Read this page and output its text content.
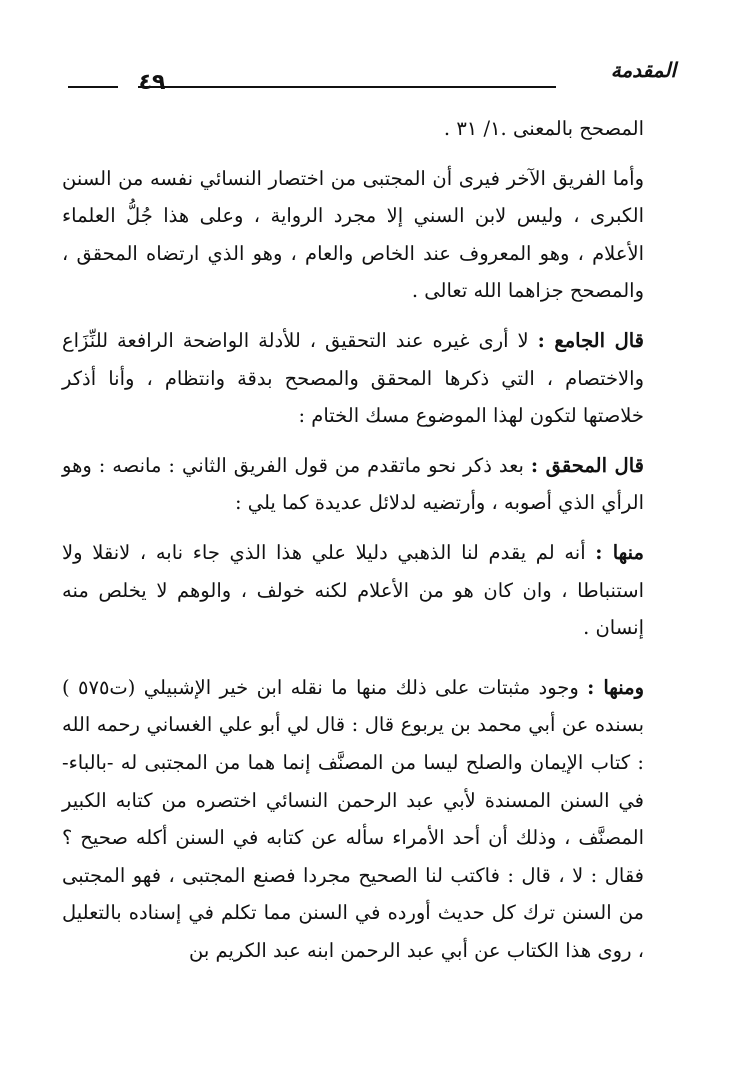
المقدمة
٤٩

المصحح بالمعنى .١/ ٣١ .

وأما الفريق الآخر فيرى أن المجتبى من اختصار النسائي نفسه من السنن الكبرى ، وليس لابن السني إلا مجرد الرواية ، وعلى هذا جُلُّ العلماء الأعلام ، وهو المعروف عند الخاص والعام ، وهو الذي ارتضاه المحقق ، والمصحح جزاهما الله تعالى .

قال الجامع : لا أرى غيره عند التحقيق ، للأدلة الواضحة الرافعة للنِّزَاع والاختصام ، التي ذكرها المحقق والمصحح بدقة وانتظام ، وأنا أذكر خلاصتها لتكون لهذا الموضوع مسك الختام :

قال المحقق : بعد ذكر نحو ماتقدم من قول الفريق الثاني : مانصه : وهو الرأي الذي أصوبه ، وأرتضيه لدلائل عديدة كما يلي :

منها : أنه لم يقدم لنا الذهبي دليلا علي هذا الذي جاء نابه ، لانقلا ولا استنباطا ، وان كان هو من الأعلام لكنه خولف ، والوهم لا يخلص منه إنسان .

ومنها : وجود مثبتات على ذلك منها ما نقله ابن خير الإشبيلي (ت٥٧٥ ) بسنده عن أبي محمد بن يربوع قال : قال لي أبو علي الغساني رحمه الله : كتاب الإيمان والصلح ليسا من المصنَّف إنما هما من المجتبى له -بالباء- في السنن المسندة لأبي عبد الرحمن النسائي اختصره من كتابه الكبير المصنَّف ، وذلك أن أحد الأمراء سأله عن كتابه في السنن أكله صحيح ؟ فقال : لا ، قال : فاكتب لنا الصحيح مجردا فصنع المجتبى ، فهو المجتبى من السنن ترك كل حديث أورده في السنن مما تكلم في إسناده بالتعليل ، روى هذا الكتاب عن أبي عبد الرحمن ابنه عبد الكريم بن
